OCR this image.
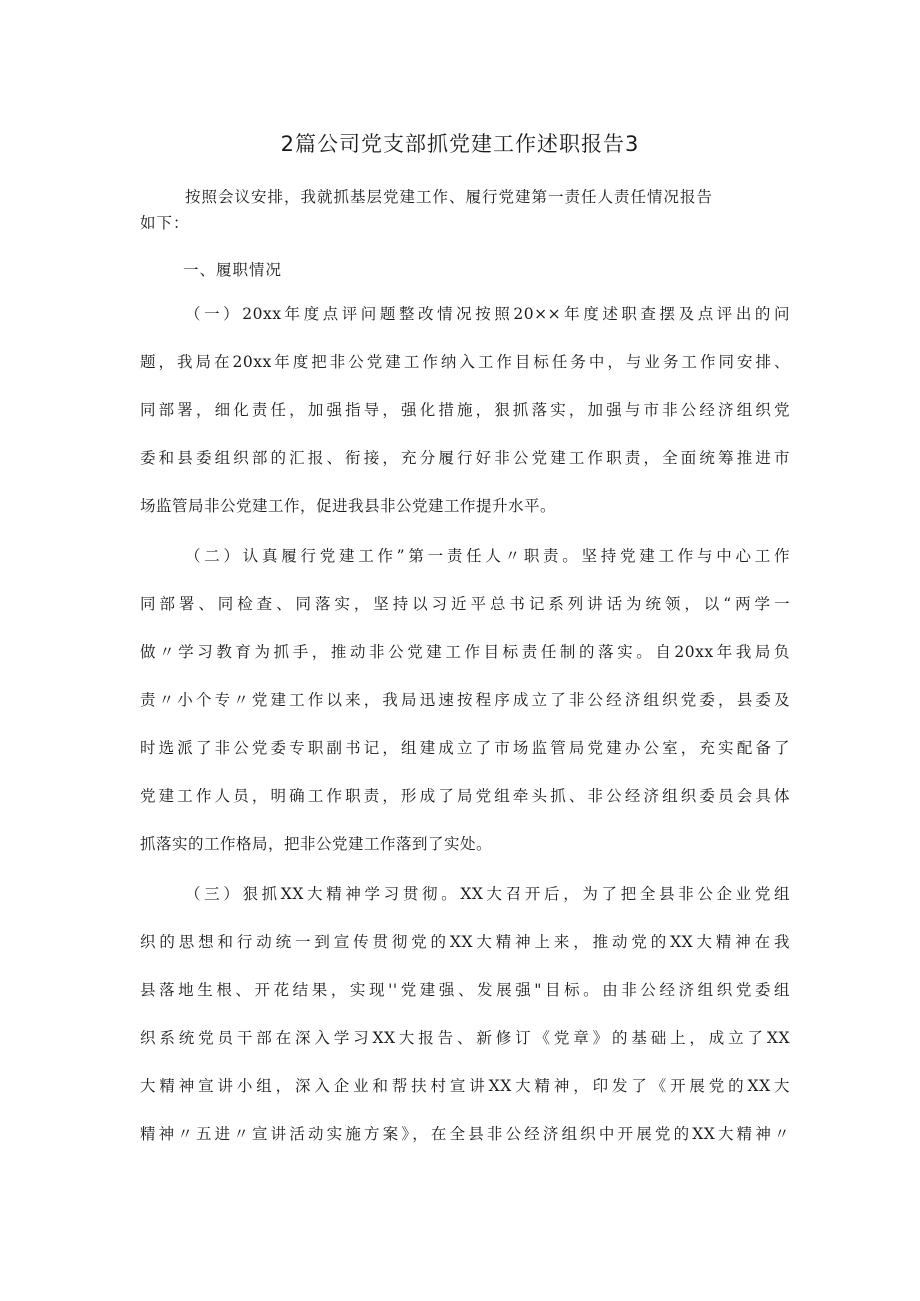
2篇公司党支部抓党建工作述职报告3
按照会议安排，我就抓基层党建工作、履行党建第一责任人责任情况报告
如下：
一、履职情况
（一）20xx年度点评问题整改情况按照20××年度述职查摆及点评出的问
题，我局在20xx年度把非公党建工作纳入工作目标任务中，与业务工作同安排、
同部署，细化责任，加强指导，强化措施，狠抓落实，加强与市非公经济组织党
委和县委组织部的汇报、衔接，充分履行好非公党建工作职责，全面统筹推进市
场监管局非公党建工作，促进我县非公党建工作提升水平。
（二）认真履行党建工作”第一责任人〃职责。坚持党建工作与中心工作
同部署、同检查、同落实，坚持以习近平总书记系列讲话为统领，以“两学一
做〃学习教育为抓手，推动非公党建工作目标责任制的落实。自20xx年我局负
责〃小个专〃党建工作以来，我局迅速按程序成立了非公经济组织党委，县委及
时选派了非公党委专职副书记，组建成立了市场监管局党建办公室，充实配备了
党建工作人员，明确工作职责，形成了局党组牵头抓、非公经济组织委员会具体
抓落实的工作格局，把非公党建工作落到了实处。
（三）狠抓XX大精神学习贯彻。XX大召开后，为了把全县非公企业党组
织的思想和行动统一到宣传贯彻党的XX大精神上来，推动党的XX大精神在我
县落地生根、开花结果，实现''党建强、发展强"目标。由非公经济组织党委组
织系统党员干部在深入学习XX大报告、新修订《党章》的基础上，成立了XX
大精神宣讲小组，深入企业和帮扶村宣讲XX大精神，印发了《开展党的XX大
精神〃五进〃宣讲活动实施方案》，在全县非公经济组织中开展党的XX大精神〃
